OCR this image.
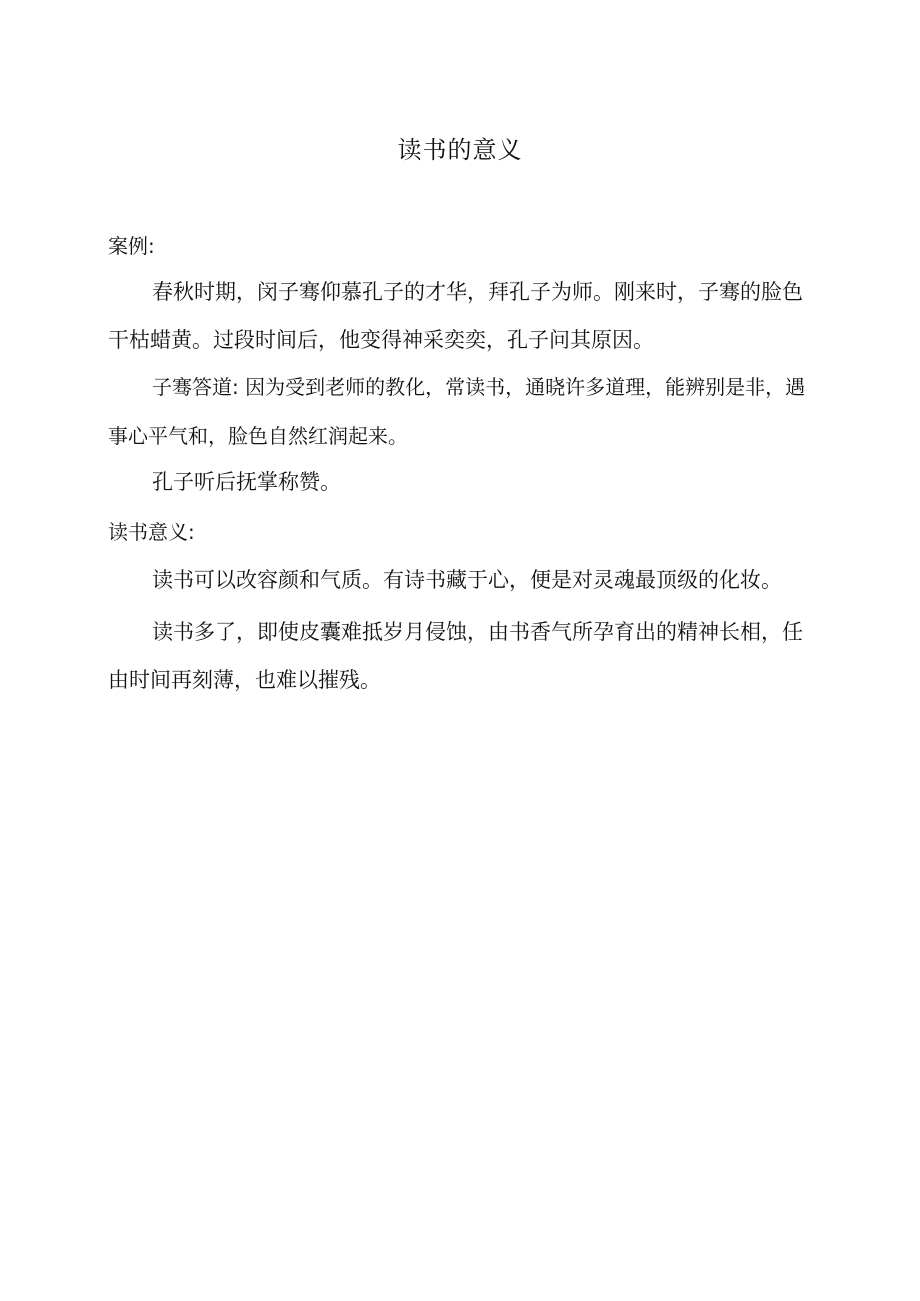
读书的意义
案例:

春秋时期，闵子骞仰慕孔子的才华，拜孔子为师。刚来时，子骞的脸色干枯蜡黄。过段时间后，他变得神采奕奕，孔子问其原因。

子骞答道: 因为受到老师的教化，常读书，通晓许多道理，能辨别是非，遇事心平气和，脸色自然红润起来。

孔子听后抚掌称赞。

读书意义:

读书可以改容颜和气质。有诗书藏于心，便是对灵魂最顶级的化妆。

读书多了，即使皮囊难抵岁月侵蚀，由书香气所孕育出的精神长相，任由时间再刻薄，也难以摧残。
